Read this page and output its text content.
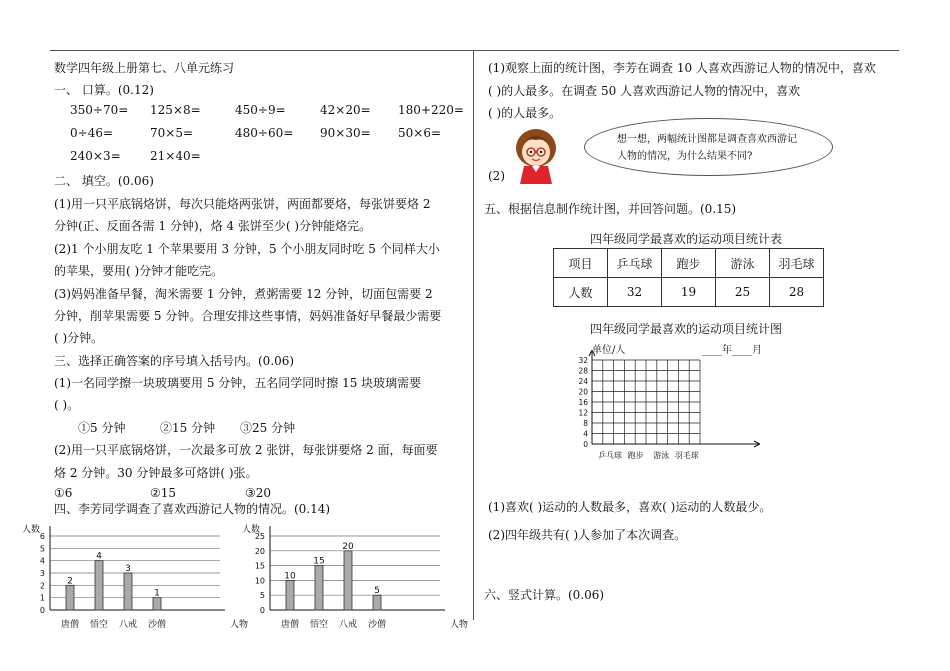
数学四年级上册第七、八单元练习
一、 口算。(0.12)
350÷70= 125×8=	450÷9=	42×20= 180+220=
0÷46=	70×5=	480÷60= 90×30= 50×6=
240×3= 21×40=
二、 填空。(0.06)
(1)用一只平底锅烙饼，每次只能烙两张饼，两面都要烙，每张饼要烙 2
分钟(正、反面各需 1 分钟)，烙 4 张饼至少( )分钟能烙完。
(2)1 个小朋友吃 1 个苹果要用 3 分钟，5 个小朋友同时吃 5 个同样大小
的苹果，要用( )分钟才能吃完。
(3)妈妈准备早餐，淘米需要 1 分钟，煮粥需要 12 分钟，切面包需要 2
分钟，削苹果需要 5 分钟。合理安排这些事情，妈妈准备好早餐最少需要
( )分钟。
三、选择正确答案的序号填入括号内。(0.06)
(1)一名同学擦一块玻璃要用 5 分钟，五名同学同时擦 15 块玻璃需要
( )。
①5 分钟	②15 分钟 ③25 分钟
(2)用一只平底锅烙饼，一次最多可放 2 张饼，每张饼要烙 2 面，每面要
烙 2 分钟。30 分钟最多可烙饼( )张。
①6	②15	③20
四、李芳同学调查了喜欢西游记人物的情况。(0.14)
0
1
2
3
4
5
6
人数
人物
2
唐僧
4
悟空
3
八戒
1
沙僧
0
5
10
15
20
25
人数
人物
10
唐僧
15
悟空
20
八戒
5
沙僧
(1)观察上面的统计图，李芳在调查 10 人喜欢西游记人物的情况中，喜欢
( )的人最多。在调查 50 人喜欢西游记人物的情况中，喜欢
( )的人最多。
想一想，两幅统计图都是调查喜欢西游记
人物的情况，为什么结果不同?
(2)
五、根据信息制作统计图，并回答问题。(0.15)
四年级同学最喜欢的运动项目统计表
项目	乒乓球	跑步	游泳	羽毛球
人数	32	19	25	28
四年级同学最喜欢的运动项目统计图
单位/人	____年____月
32
28
24
20
16
12
8
4
0
乒乓球 跑步 游泳 羽毛球
(1)喜欢( )运动的人数最多，喜欢( )运动的人数最少。
(2)四年级共有( )人参加了本次调查。
六、竖式计算。(0.06)
